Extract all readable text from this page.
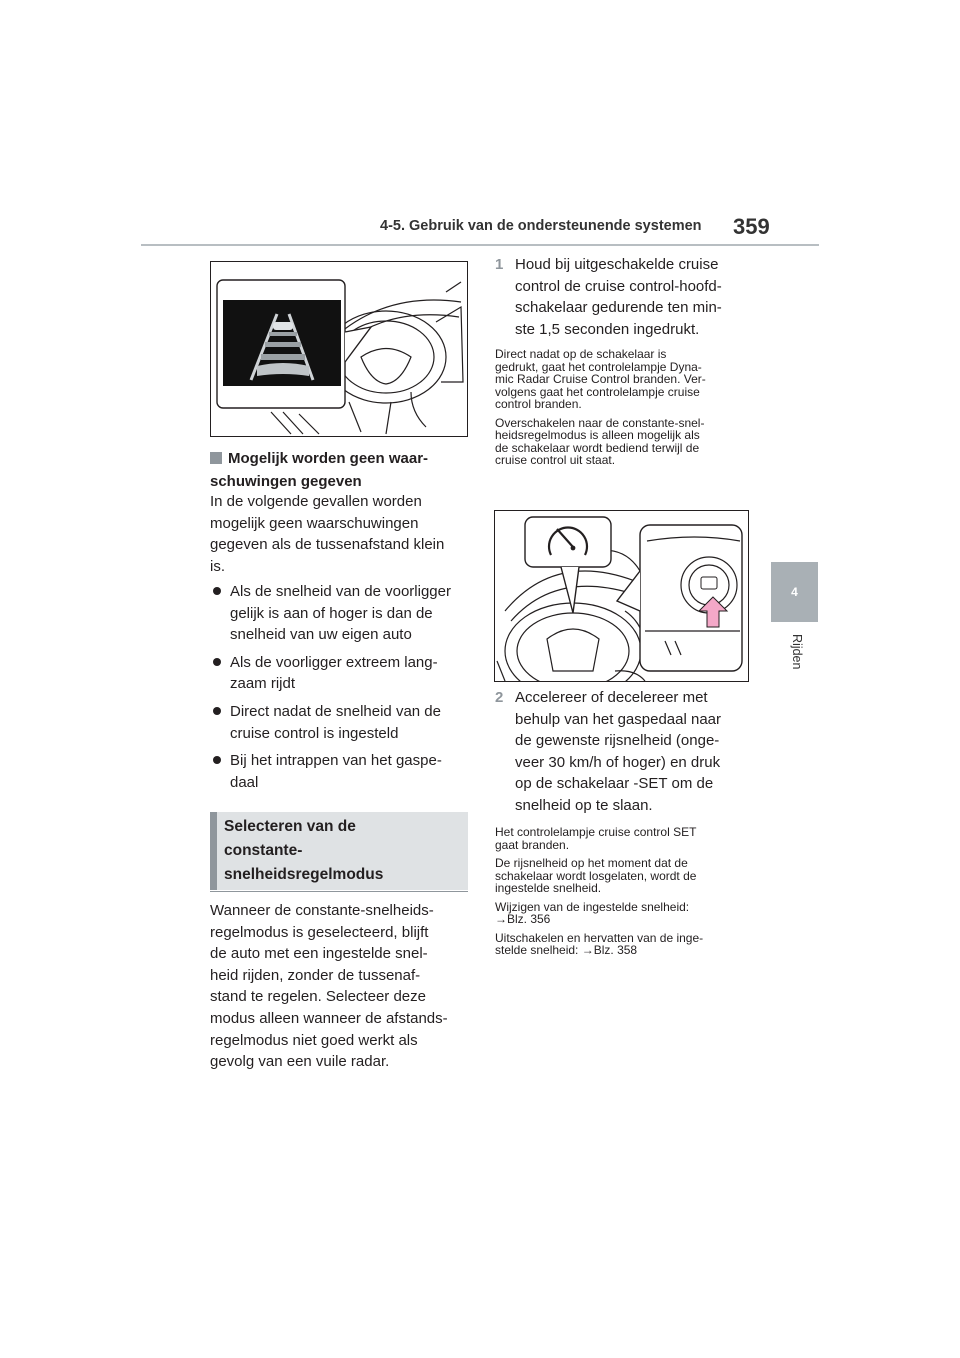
4-5. Gebruik van de ondersteunende systemen 359
4
Rijden
Mogelijk worden geen waar-
schuwingen gegeven
In de volgende gevallen worden
mogelijk geen waarschuwingen
gegeven als de tussenafstand klein
is.
Als de snelheid van de voorligger
gelijk is aan of hoger is dan de
snelheid van uw eigen auto
Als de voorligger extreem lang-
zaam rijdt
Direct nadat de snelheid van de
cruise control is ingesteld
Bij het intrappen van het gaspe-
daal
Selecteren van de
constante-
snelheidsregelmodus
Wanneer de constante-snelheids-
regelmodus is geselecteerd, blijft
de auto met een ingestelde snel-
heid rijden, zonder de tussenaf-
stand te regelen. Selecteer deze
modus alleen wanneer de afstands-
regelmodus niet goed werkt als
gevolg van een vuile radar.
1 Houd bij uitgeschakelde cruise
control de cruise control-hoofd-
schakelaar gedurende ten min-
ste 1,5 seconden ingedrukt.

Direct nadat op de schakelaar is
gedrukt, gaat het controlelampje Dyna-
mic Radar Cruise Control branden. Ver-
volgens gaat het controlelampje cruise
control branden.

Overschakelen naar de constante-snel-
heidsregelmodus is alleen mogelijk als
de schakelaar wordt bediend terwijl de
cruise control uit staat.

2 Accelereer of decelereer met
behulp van het gaspedaal naar
de gewenste rijsnelheid (onge-
veer 30 km/h of hoger) en druk
op de schakelaar -SET om de
snelheid op te slaan.

Het controlelampje cruise control SET
gaat branden.

De rijsnelheid op het moment dat de
schakelaar wordt losgelaten, wordt de
ingestelde snelheid.

Wijzigen van de ingestelde snelheid:
→Blz. 356

Uitschakelen en hervatten van de inge-
stelde snelheid: →Blz. 358
